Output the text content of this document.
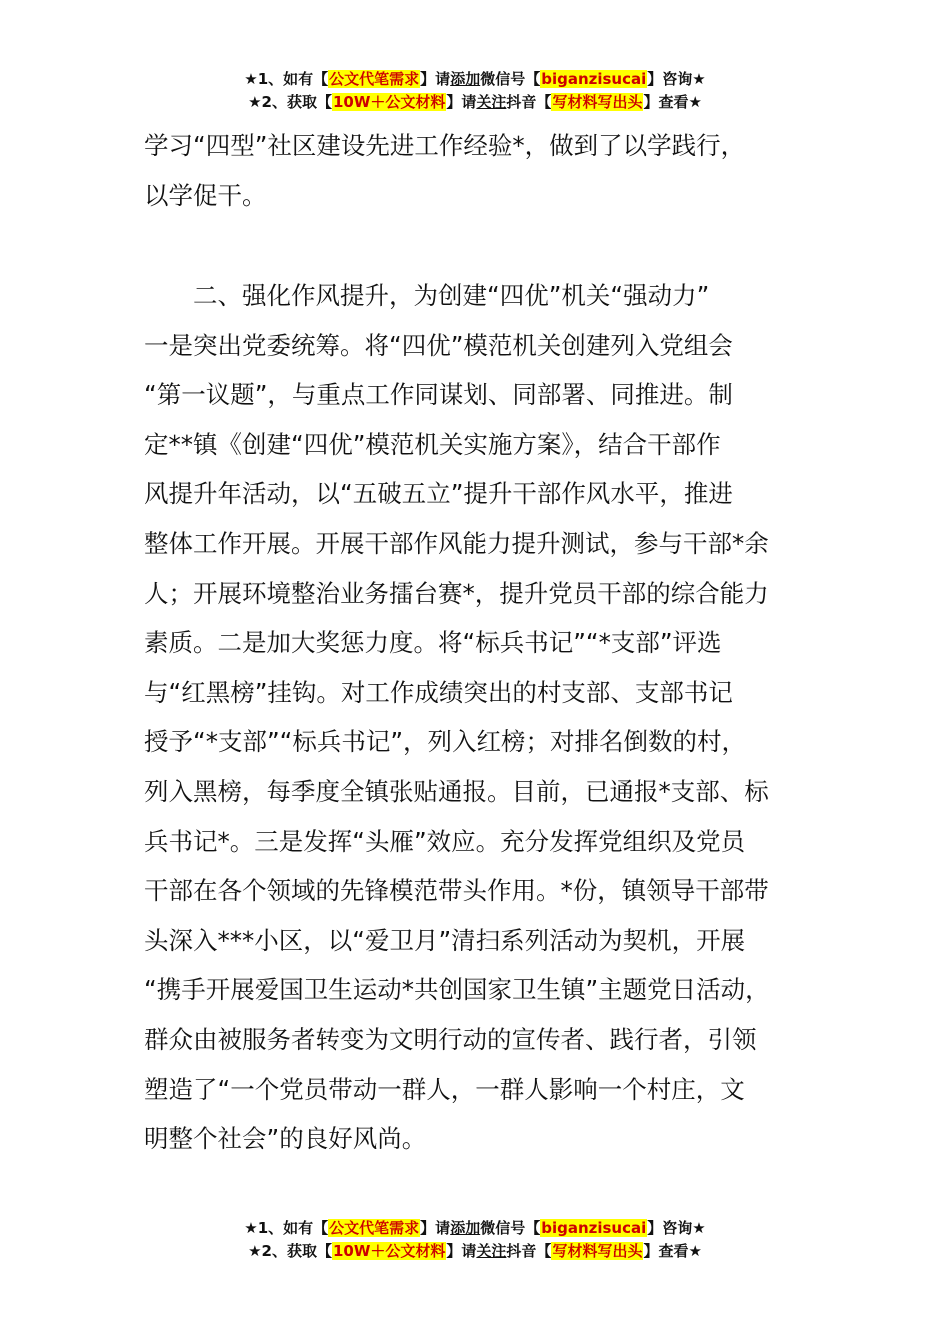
★1、如有【公文代笔需求】请添加微信号【biganzisucai】咨询★
★2、获取【10W＋公文材料】请关注抖音【写材料写出头】查看★
学习“四型”社区建设先进工作经验*，做到了以学践行，
以学促干。
　　二、强化作风提升，为创建“四优”机关“强动力”
一是突出党委统筹。将“四优”模范机关创建列入党组会
“第一议题”，与重点工作同谋划、同部署、同推进。制
定**镇《创建“四优”模范机关实施方案》，结合干部作
风提升年活动，以“五破五立”提升干部作风水平，推进
整体工作开展。开展干部作风能力提升测试，参与干部*余
人；开展环境整治业务擂台赛*，提升党员干部的综合能力
素质。二是加大奖惩力度。将“标兵书记”“*支部”评选
与“红黑榜”挂钩。对工作成绩突出的村支部、支部书记
授予“*支部”“标兵书记”，列入红榜；对排名倒数的村，
列入黑榜，每季度全镇张贴通报。目前，已通报*支部、标
兵书记*。三是发挥“头雁”效应。充分发挥党组织及党员
干部在各个领域的先锋模范带头作用。*份，镇领导干部带
头深入***小区，以“爱卫月”清扫系列活动为契机，开展
“携手开展爱国卫生运动*共创国家卫生镇”主题党日活动，
群众由被服务者转变为文明行动的宣传者、践行者，引领
塑造了“一个党员带动一群人，一群人影响一个村庄，文
明整个社会”的良好风尚。
★1、如有【公文代笔需求】请添加微信号【biganzisucai】咨询★
★2、获取【10W＋公文材料】请关注抖音【写材料写出头】查看★
